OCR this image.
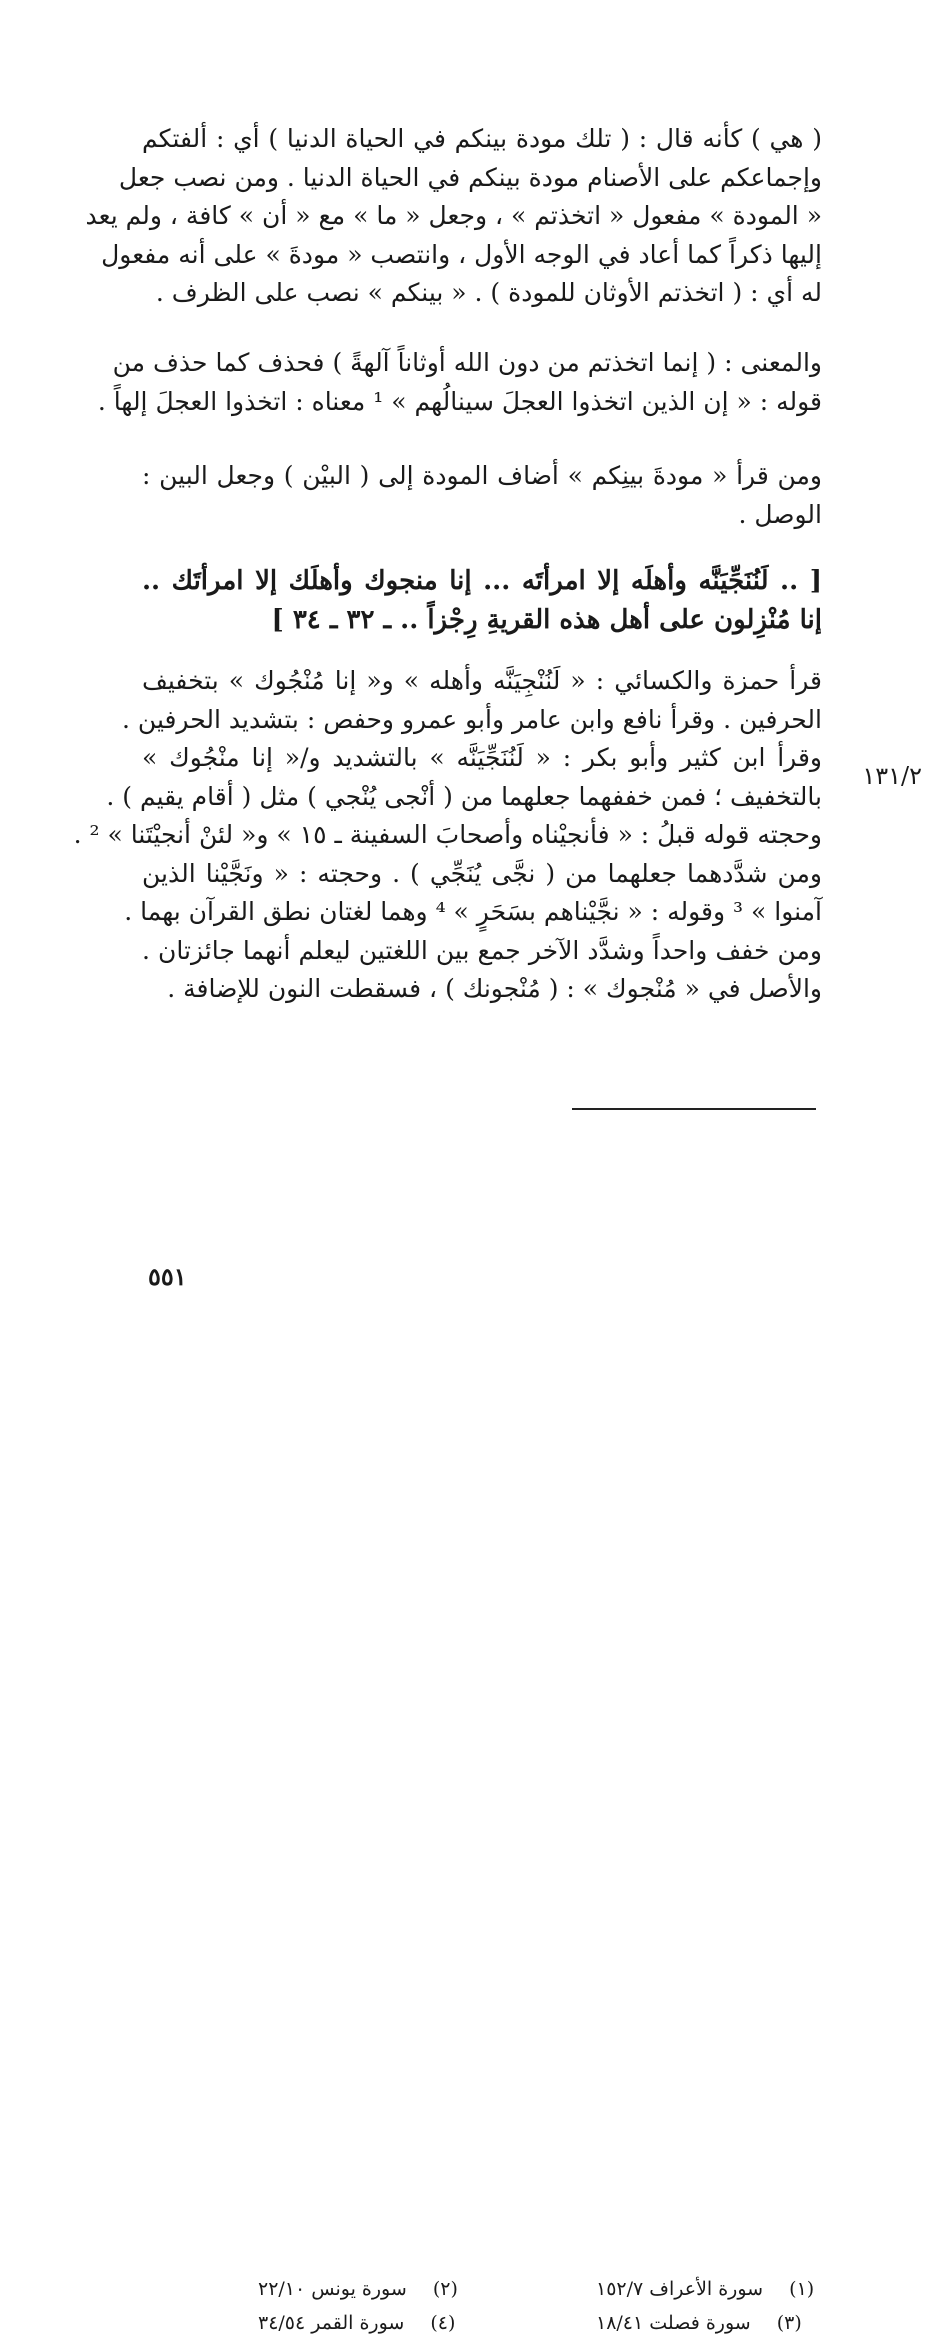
( هي ) كأنه قال : ( تلك مودة بينكم في الحياة الدنيا ) أي : ألفتكم
وإجماعكم على الأصنام مودة بينكم في الحياة الدنيا . ومن نصب جعل
« المودة » مفعول « اتخذتم » ، وجعل « ما » مع « أن » كافة ، ولم يعد
إليها ذكراً كما أعاد في الوجه الأول ، وانتصب « مودةَ » على أنه مفعول
له أي : ( اتخذتم الأوثان للمودة ) . « بينكم » نصب على الظرف .
والمعنى : ( إنما اتخذتم من دون الله أوثاناً آلهةً ) فحذف كما حذف من
قوله : « إن الذين اتخذوا العجلَ سينالُهم » ¹ معناه : اتخذوا العجلَ إلهاً .
ومن قرأ « مودةَ بينِكم » أضاف المودة إلى ( البيْن ) وجعل البين :
الوصل .
[ .. لَنُنَجِّيَنَّه وأهلَه إلا امرأتَه ... إنا منجوك وأهلَك إلا امرأتَك ..
إنا مُنْزِلون على أهل هذه القريةِ رِجْزاً .. ـ ٣٢ ـ ٣٤ ]
قرأ حمزة والكسائي : « لَنُنْجِيَنَّه وأهله » و« إنا مُنْجُوك » بتخفيف
الحرفين . وقرأ نافع وابن عامر وأبو عمرو وحفص : بتشديد الحرفين .
وقرأ ابن كثير وأبو بكر : « لَنُنَجِّيَنَّه » بالتشديد و/« إنا منْجُوك »
بالتخفيف ؛ فمن خففهما جعلهما من ( أنْجى يُنْجي ) مثل ( أقام يقيم ) .
وحجته قوله قبلُ : « فأنجيْناه وأصحابَ السفينة ـ ١٥ » و« لئنْ أنجيْتَنا » ² .
ومن شدَّدهما جعلهما من ( نجَّى يُنَجِّي ) . وحجته : « ونَجَّيْنا الذين
آمنوا » ³ وقوله : « نجَّيْناهم بسَحَرٍ » ⁴ وهما لغتان نطق القرآن بهما .
ومن خفف واحداً وشدَّد الآخر جمع بين اللغتين ليعلم أنهما جائزتان .
والأصل في « مُنْجوك » : ( مُنْجونك ) ، فسقطت النون للإضافة .
١٣١/٢
(١) سورة الأعراف ١٥٢/٧
(٢) سورة يونس ٢٢/١٠
(٣) سورة فصلت ١٨/٤١
(٤) سورة القمر ٣٤/٥٤
٥٥١
